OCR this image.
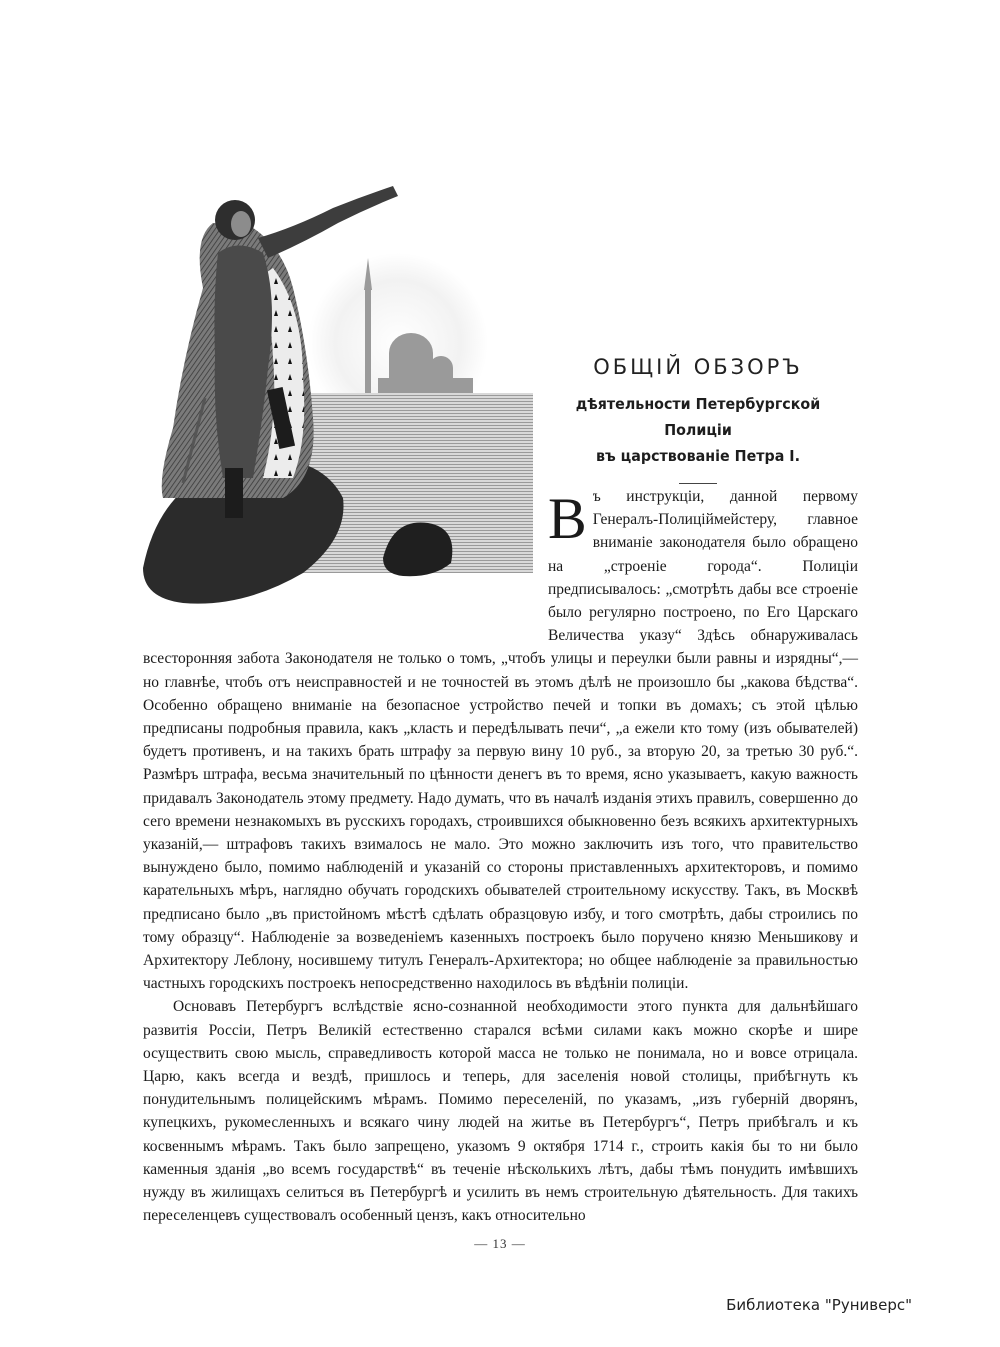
ОБЩІЙ ОБЗОРЪ
дѣятельности Петербургской Полиціи
въ царствованіе Петра I.
В ъ инструкціи, данной первому Генералъ-Полицiймейстеру, главное вниманіе законодателя было обращено на „строеніе города“. Полиціи предписывалось: „смотрѣть дабы все строеніе было регулярно построено, по Его Царскаго Величества указу“ Здѣсь обнаруживалась всесторонняя забота Законодателя не только о томъ, „чтобъ улицы и переулки были равны и изрядны“,— но главнѣе, чтобъ отъ неисправностей и не точностей въ этомъ дѣлѣ не произошло бы „какова бѣдства“. Особенно обращено вниманіе на безопасное устройство печей и топки въ домахъ; съ этой цѣлью предписаны подробныя правила, какъ „класть и передѣлывать печи“, „а ежели кто тому (изъ обывателей) будетъ противенъ, и на такихъ брать штрафу за первую вину 10 руб., за вторую 20, за третью 30 руб.“. Размѣръ штрафа, весьма значительный по цѣнности денегъ въ то время, ясно указываетъ, какую важность придавалъ Законодатель этому предмету. Надо думать, что въ началѣ изданія этихъ правилъ, совершенно до сего времени незнакомыхъ въ русскихъ городахъ, строившихся обыкновенно безъ всякихъ архитектурныхъ указаній,— штрафовъ такихъ взималось не мало. Это можно заключить изъ того, что правительство вынуждено было, помимо наблюденій и указаній со стороны приставленныхъ архитекторовъ, и помимо карательныхъ мѣръ, наглядно обучать городскихъ обывателей строительному искусству. Такъ, въ Москвѣ предписано было „въ пристойномъ мѣстѣ сдѣлать образцовую избу, и того смотрѣть, дабы строились по тому образцу“. Наблюденіе за возведеніемъ казенныхъ построекъ было поручено князю Меньшикову и Архитектору Леблону, носившему титулъ Генералъ-Архитектора; но общее наблюденіе за правильностью частныхъ городскихъ построекъ непосредственно находилось въ вѣдѣніи полиціи.

Основавъ Петербургъ вслѣдствіе ясно-сознанной необходимости этого пункта для дальнѣйшаго развитія Россіи, Петръ Великій естественно старался всѣми силами какъ можно скорѣе и шире осуществить свою мысль, справедливость которой масса не только не понимала, но и вовсе отрицала. Царю, какъ всегда и вездѣ, пришлось и теперь, для заселенія новой столицы, прибѣгнуть къ понудительнымъ полицейскимъ мѣрамъ. Помимо переселеній, по указамъ, „изъ губерній дворянъ, купецкихъ, рукомесленныхъ и всякаго чину людей на житье въ Петербургъ“, Петръ прибѣгалъ и къ косвеннымъ мѣрамъ. Такъ было запрещено, указомъ 9 октября 1714 г., строить какія бы то ни было каменныя зданія „во всемъ государствѣ“ въ теченіе нѣсколькихъ лѣтъ, дабы тѣмъ понудить имѣвшихъ нужду въ жилищахъ селиться въ Петербургѣ и усилить въ немъ строительную дѣятельность. Для такихъ переселенцевъ существовалъ особенный цензъ, какъ относительно

— 13 —
Библиотека "Руниверс"
